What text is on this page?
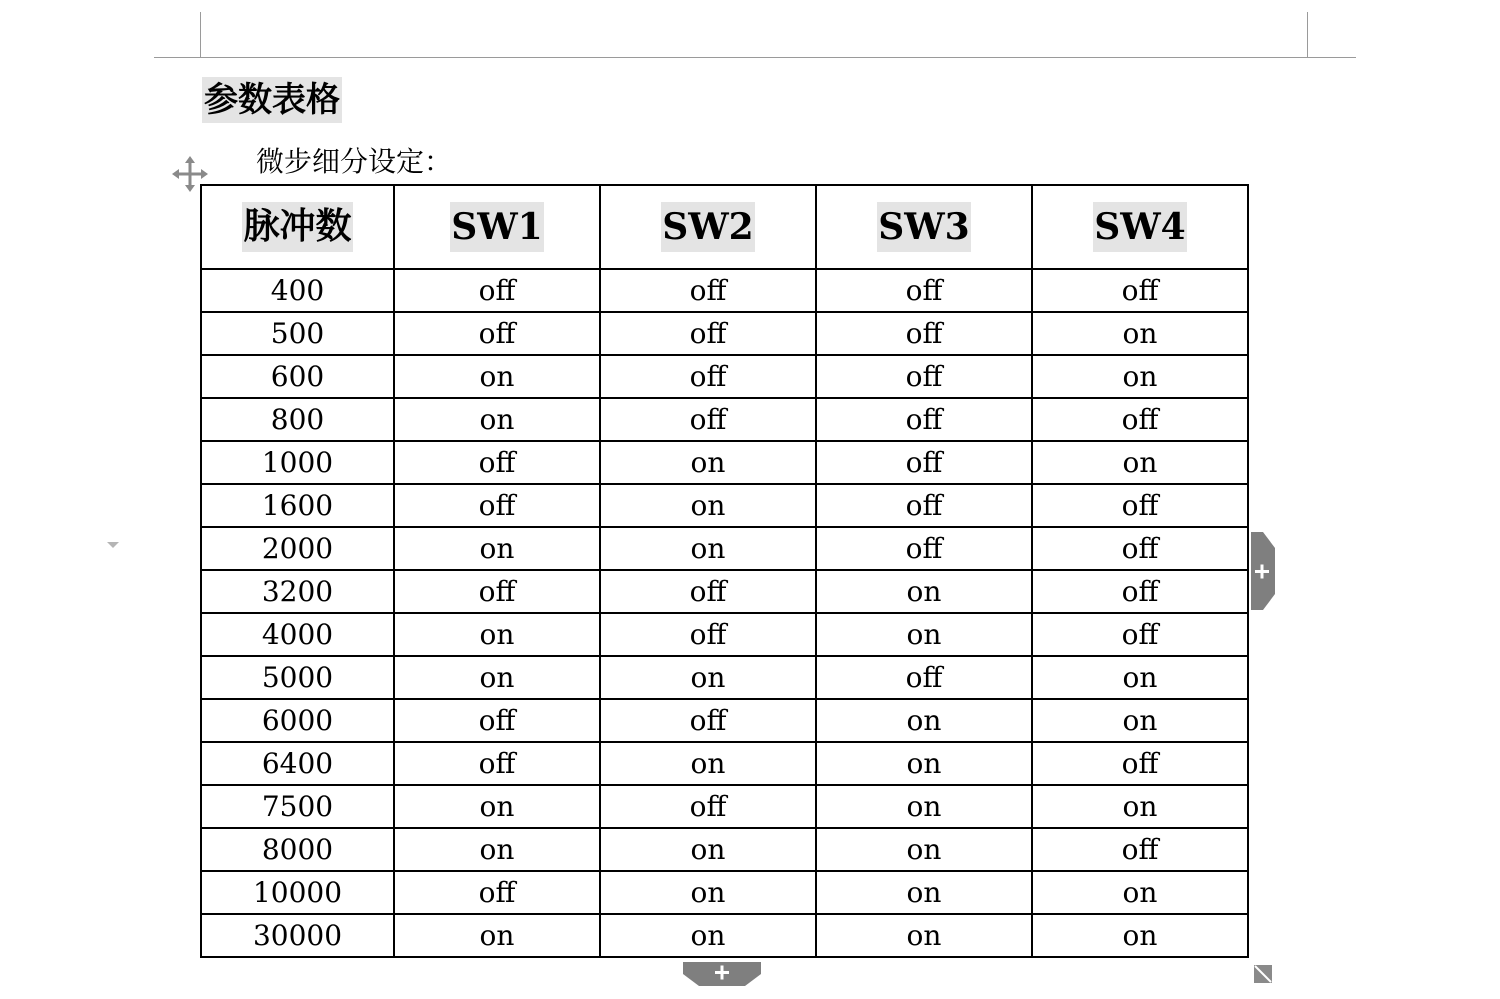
参数表格
微步细分设定：
脉冲数	SW1	SW2	SW3	SW4
400	off	off	off	off
500	off	off	off	on
600	on	off	off	on
800	on	off	off	off
1000	off	on	off	on
1600	off	on	off	off
2000	on	on	off	off
3200	off	off	on	off
4000	on	off	on	off
5000	on	on	off	on
6000	off	off	on	on
6400	off	on	on	off
7500	on	off	on	on
8000	on	on	on	off
10000	off	on	on	on
30000	on	on	on	on
